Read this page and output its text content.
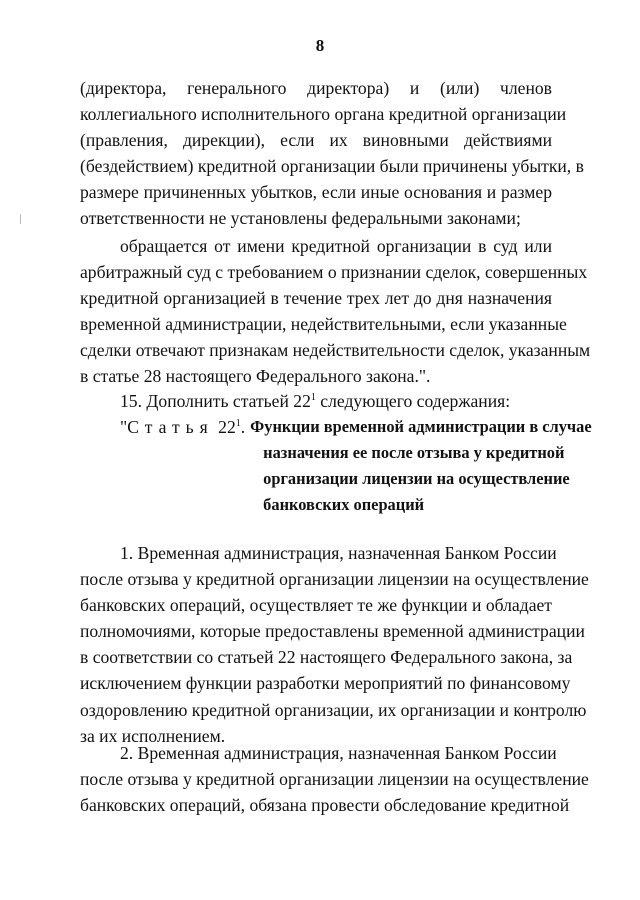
8
(директора, генерального директора) и (или) членов
коллегиального исполнительного органа кредитной организации
(правления, дирекции), если их виновными действиями
(бездействием) кредитной организации были причинены убытки, в
размере причиненных убытков, если иные основания и размер
ответственности не установлены федеральными законами;
обращается от имени кредитной организации в суд или
арбитражный суд с требованием о признании сделок, совершенных
кредитной организацией в течение трех лет до дня назначения
временной администрации, недействительными, если указанные
сделки отвечают признакам недействительности сделок, указанным
в статье 28 настоящего Федерального закона.".
15. Дополнить статьей $22^1$ следующего содержания:
"Статья $22^1$. Функции временной администрации в случае
назначения ее после отзыва у кредитной
организации лицензии на осуществление
банковских операций
1. Временная администрация, назначенная Банком России
после отзыва у кредитной организации лицензии на осуществление
банковских операций, осуществляет те же функции и обладает
полномочиями, которые предоставлены временной администрации
в соответствии со статьей 22 настоящего Федерального закона, за
исключением функции разработки мероприятий по финансовому
оздоровлению кредитной организации, их организации и контролю
за их исполнением.
2. Временная администрация, назначенная Банком России
после отзыва у кредитной организации лицензии на осуществление
банковских операций, обязана провести обследование кредитной
